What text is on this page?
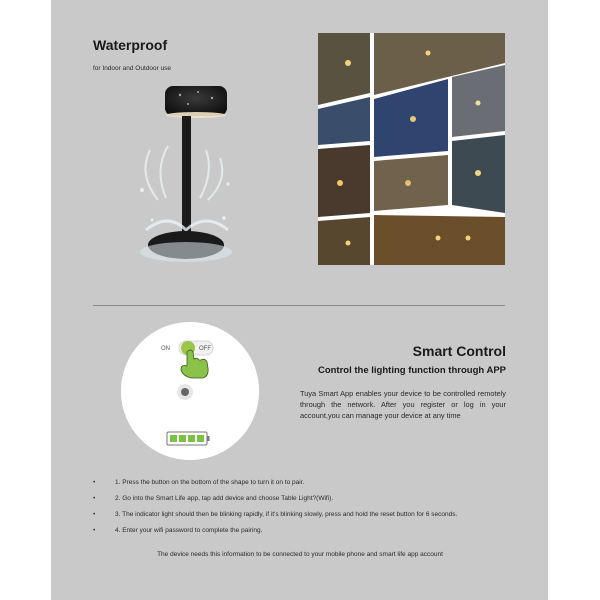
Waterproof
for Indoor and Outdoor use
ON	OFF	Smart Control
Control the lighting function through APP
Tuya Smart App enables your device to be controlled remotely through the network. After you register or log in your account,you can manage your device at any time
•	1. Press the button on the bottom of the shape to turn it on to pair.
•	2. Go into the Smart Life app, tap add device and choose Table Light?(Wifi).
•	3. The indicator light should then be blinking rapidly, if it's blinking slowly, press and hold the reset button for 6 seconds.
•	4. Enter your wifi password to complete the pairing.
The device needs this information to be connected to your mobile phone and smart life app account
